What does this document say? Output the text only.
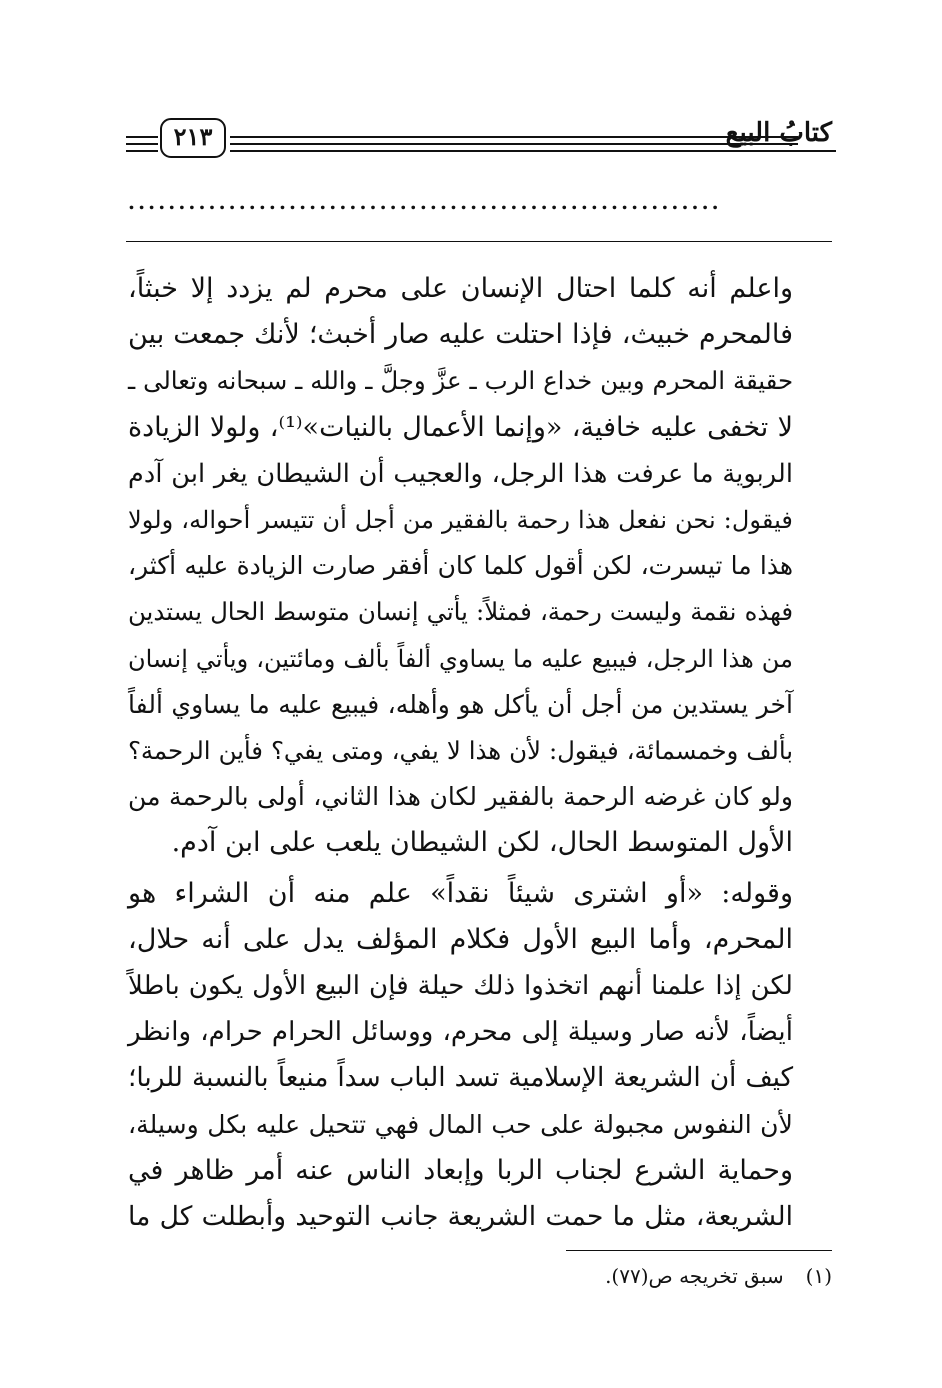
كتابُ البيع
٢١٣
...........................................................
واعلم أنه كلما احتال الإنسان على محرم لم يزدد إلا خبثاً،
فالمحرم خبيث، فإذا احتلت عليه صار أخبث؛ لأنك جمعت بين
حقيقة المحرم وبين خداع الرب ـ عزَّ وجلَّ ـ والله ـ سبحانه وتعالى ـ
لا تخفى عليه خافية، «وإنما الأعمال بالنيات»⁽¹⁾، ولولا الزيادة
الربوية ما عرفت هذا الرجل، والعجيب أن الشيطان يغر ابن آدم
فيقول: نحن نفعل هذا رحمة بالفقير من أجل أن تتيسر أحواله، ولولا
هذا ما تيسرت، لكن أقول كلما كان أفقر صارت الزيادة عليه أكثر،
فهذه نقمة وليست رحمة، فمثلاً: يأتي إنسان متوسط الحال يستدين
من هذا الرجل، فيبيع عليه ما يساوي ألفاً بألف ومائتين، ويأتي إنسان
آخر يستدين من أجل أن يأكل هو وأهله، فيبيع عليه ما يساوي ألفاً
بألف وخمسمائة، فيقول: لأن هذا لا يفي، ومتى يفي؟ فأين الرحمة؟
ولو كان غرضه الرحمة بالفقير لكان هذا الثاني، أولى بالرحمة من
الأول المتوسط الحال، لكن الشيطان يلعب على ابن آدم.
وقوله: «أو اشترى شيئاً نقداً» علم منه أن الشراء هو
المحرم، وأما البيع الأول فكلام المؤلف يدل على أنه حلال،
لكن إذا علمنا أنهم اتخذوا ذلك حيلة فإن البيع الأول يكون باطلاً
أيضاً، لأنه صار وسيلة إلى محرم، ووسائل الحرام حرام، وانظر
كيف أن الشريعة الإسلامية تسد الباب سداً منيعاً بالنسبة للربا؛
لأن النفوس مجبولة على حب المال فهي تتحيل عليه بكل وسيلة،
وحماية الشرع لجناب الربا وإبعاد الناس عنه أمر ظاهر في
الشريعة، مثل ما حمت الشريعة جانب التوحيد وأبطلت كل ما
(١)سبق تخريجه ص(٧٧).
